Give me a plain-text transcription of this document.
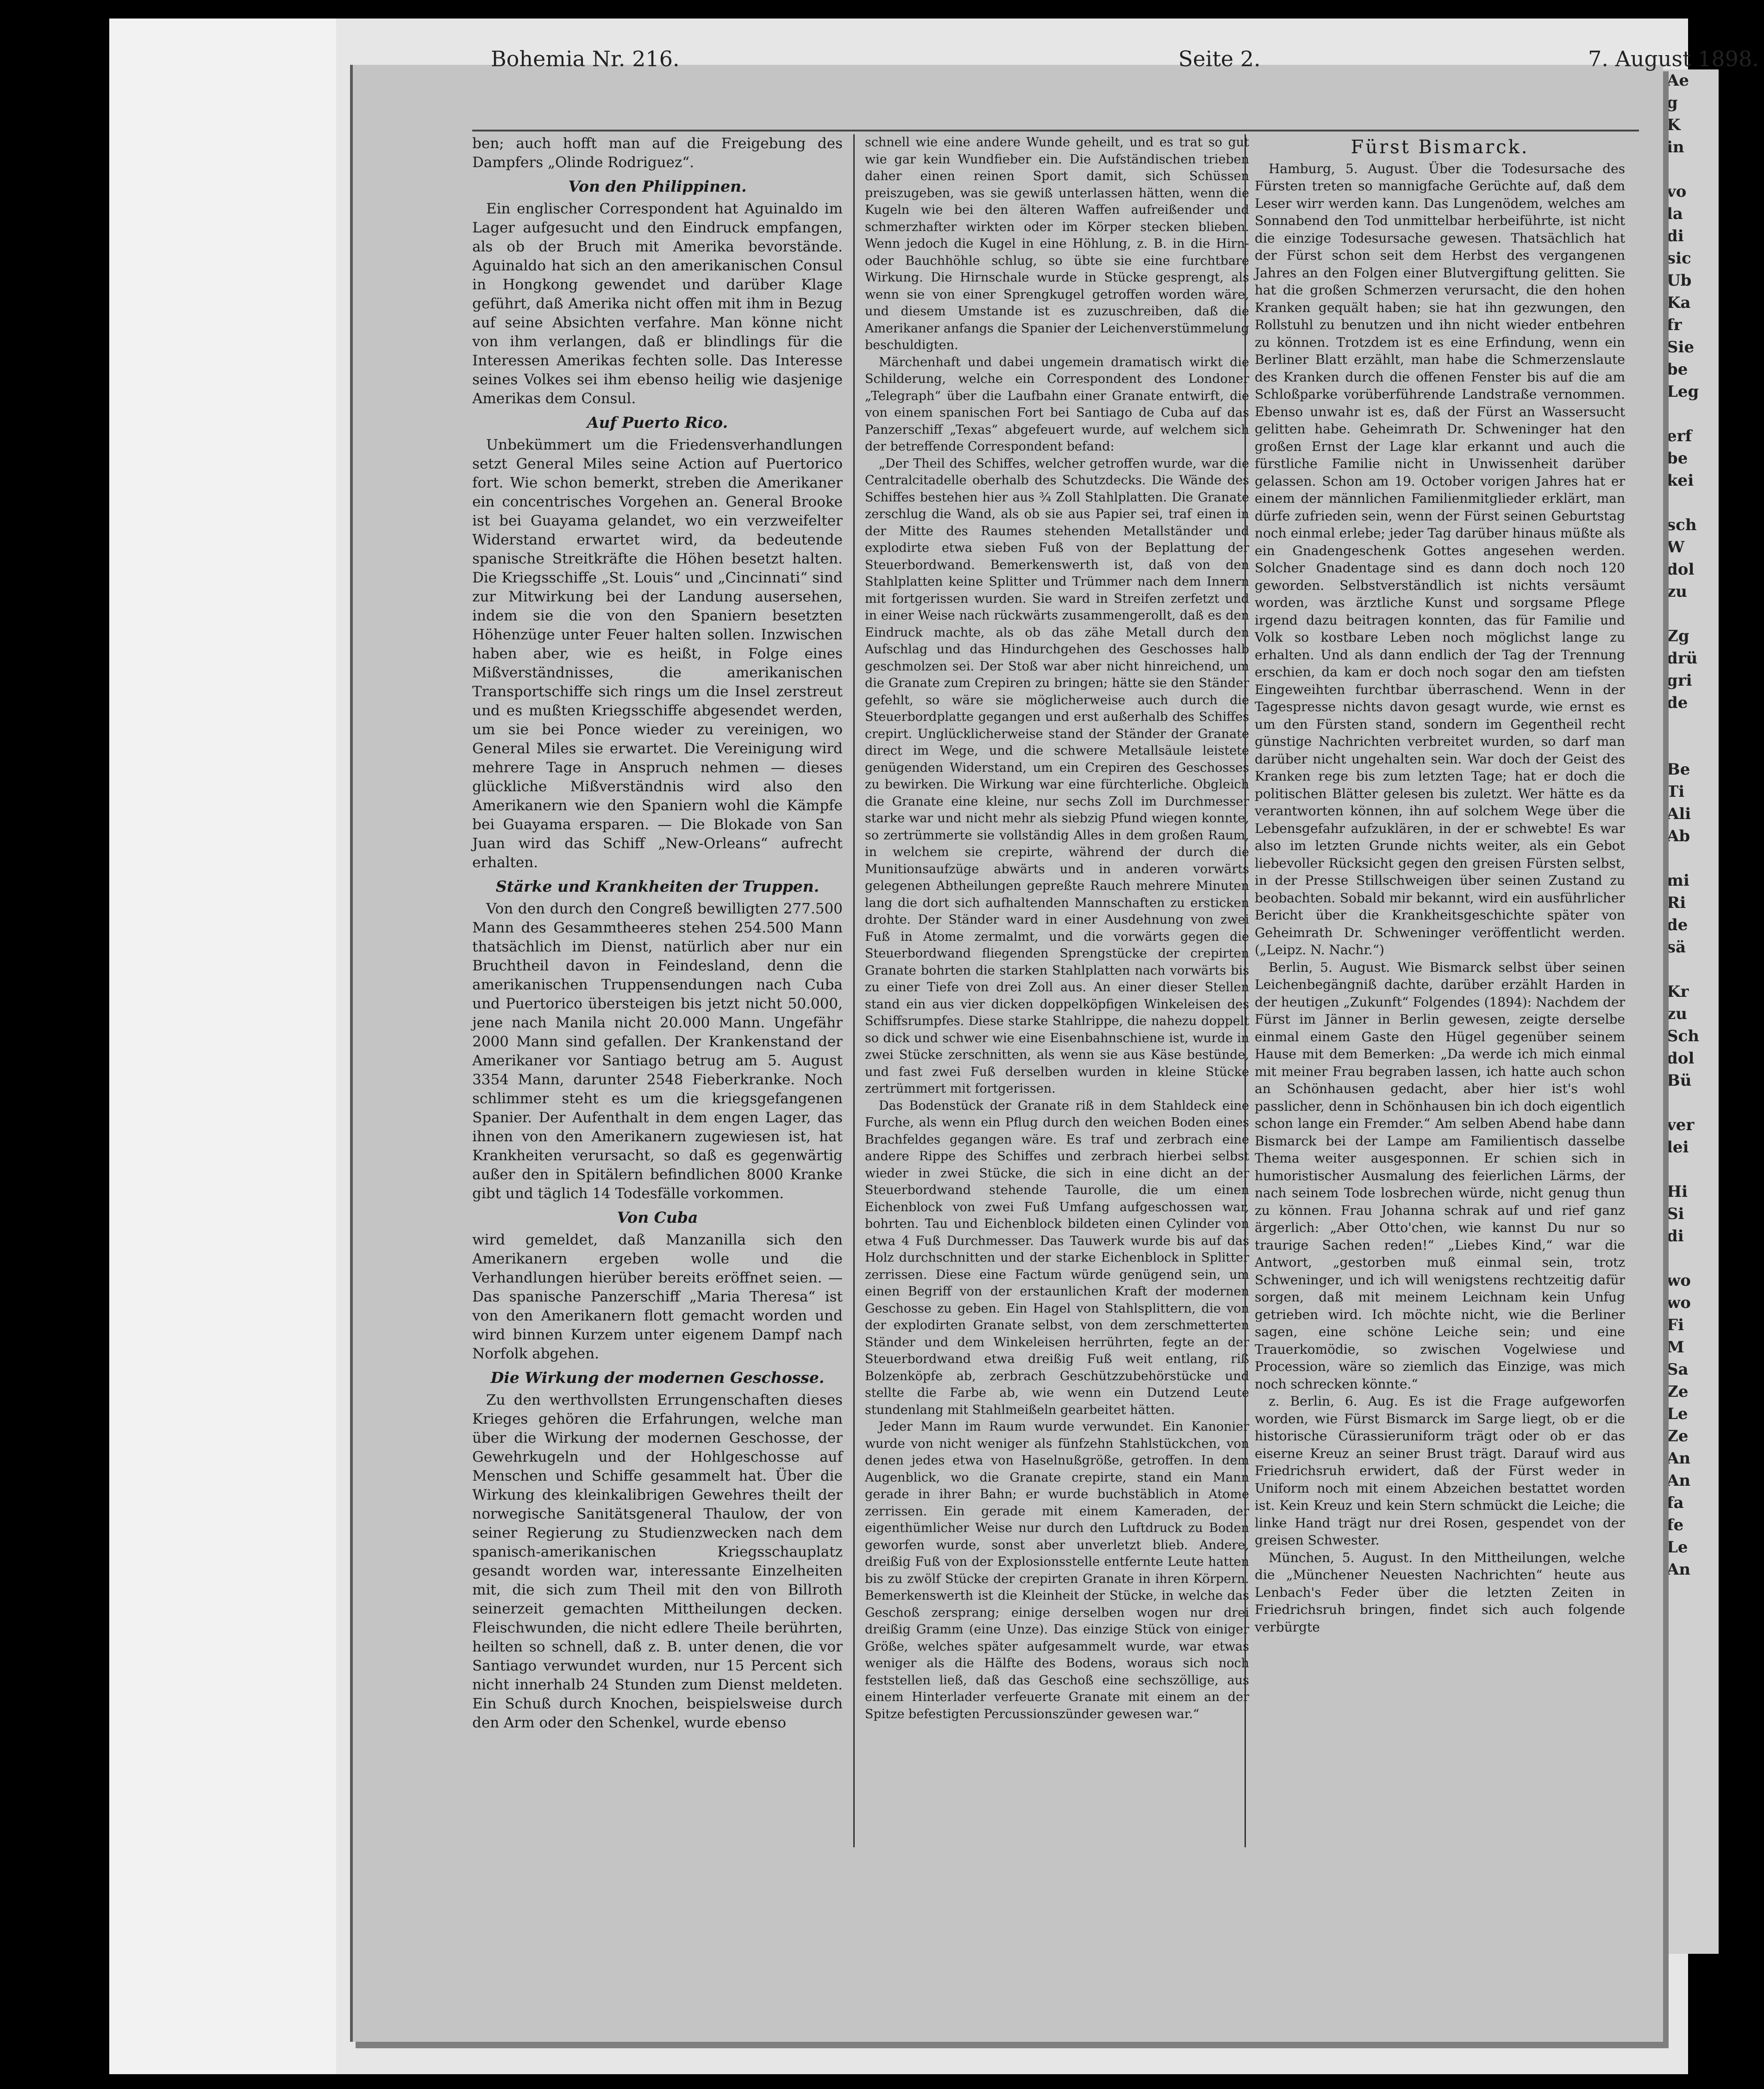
Ae
g
K
in

vo
la
di
sic
Ub
Ka
fr
Sie
be
Leg

erf
be
kei

sch
W
dol
zu

Zg
drü
gri
de

Be
Ti
Ali
Ab

mi
Ri
de
sä

Kr
zu
Sch
dol
Bü

ver
lei

Hi
Si
di

wo
wo
Fi
M
Sa
Ze
Le
Ze
An
An
fa
fe
Le
An
Bohemia Nr. 216.	Seite 2.	7. August 1898.

ben; auch hofft man auf die Freigebung des Dampfers „Olinde Rodriguez“.

Von den Philippinen.

Ein englischer Correspondent hat Aguinaldo im Lager aufgesucht und den Eindruck empfangen, als ob der Bruch mit Amerika bevorstände. Aguinaldo hat sich an den amerikanischen Consul in Hongkong gewendet und darüber Klage geführt, daß Amerika nicht offen mit ihm in Bezug auf seine Absichten verfahre. Man könne nicht von ihm verlangen, daß er blindlings für die Interessen Amerikas fechten solle. Das Interesse seines Volkes sei ihm ebenso heilig wie dasjenige Amerikas dem Consul.

Auf Puerto Rico.

Unbekümmert um die Friedensverhandlungen setzt General Miles seine Action auf Puertorico fort. Wie schon bemerkt, streben die Amerikaner ein concentrisches Vorgehen an. General Brooke ist bei Guayama gelandet, wo ein verzweifelter Widerstand erwartet wird, da bedeutende spanische Streitkräfte die Höhen besetzt halten. Die Kriegsschiffe „St. Louis“ und „Cincinnati“ sind zur Mitwirkung bei der Landung ausersehen, indem sie die von den Spaniern besetzten Höhenzüge unter Feuer halten sollen. Inzwischen haben aber, wie es heißt, in Folge eines Mißverständnisses, die amerikanischen Transportschiffe sich rings um die Insel zerstreut und es mußten Kriegsschiffe abgesendet werden, um sie bei Ponce wieder zu vereinigen, wo General Miles sie erwartet. Die Vereinigung wird mehrere Tage in Anspruch nehmen — dieses glückliche Mißverständnis wird also den Amerikanern wie den Spaniern wohl die Kämpfe bei Guayama ersparen. — Die Blokade von San Juan wird das Schiff „New-Orleans“ aufrecht erhalten.

Stärke und Krankheiten der Truppen.

Von den durch den Congreß bewilligten 277.500 Mann des Gesammtheeres stehen 254.500 Mann thatsächlich im Dienst, natürlich aber nur ein Bruchtheil davon in Feindesland, denn die amerikanischen Truppensendungen nach Cuba und Puertorico übersteigen bis jetzt nicht 50.000, jene nach Manila nicht 20.000 Mann. Ungefähr 2000 Mann sind gefallen. Der Krankenstand der Amerikaner vor Santiago betrug am 5. August 3354 Mann, darunter 2548 Fieberkranke. Noch schlimmer steht es um die kriegsgefangenen Spanier. Der Aufenthalt in dem engen Lager, das ihnen von den Amerikanern zugewiesen ist, hat Krankheiten verursacht, so daß es gegenwärtig außer den in Spitälern befindlichen 8000 Kranke gibt und täglich 14 Todesfälle vorkommen.

Von Cuba

wird gemeldet, daß Manzanilla sich den Amerikanern ergeben wolle und die Verhandlungen hierüber bereits eröffnet seien. — Das spanische Panzerschiff „Maria Theresa“ ist von den Amerikanern flott gemacht worden und wird binnen Kurzem unter eigenem Dampf nach Norfolk abgehen.

Die Wirkung der modernen Geschosse.

Zu den werthvollsten Errungenschaften dieses Krieges gehören die Erfahrungen, welche man über die Wirkung der modernen Geschosse, der Gewehrkugeln und der Hohlgeschosse auf Menschen und Schiffe gesammelt hat. Über die Wirkung des kleinkalibrigen Gewehres theilt der norwegische Sanitätsgeneral Thaulow, der von seiner Regierung zu Studienzwecken nach dem spanisch-amerikanischen Kriegsschauplatz gesandt worden war, interessante Einzelheiten mit, die sich zum Theil mit den von Billroth seinerzeit gemachten Mittheilungen decken. Fleischwunden, die nicht edlere Theile berührten, heilten so schnell, daß z. B. unter denen, die vor Santiago verwundet wurden, nur 15 Percent sich nicht innerhalb 24 Stunden zum Dienst meldeten. Ein Schuß durch Knochen, beispielsweise durch den Arm oder den Schenkel, wurde ebenso

schnell wie eine andere Wunde geheilt, und es trat so gut wie gar kein Wundfieber ein. Die Aufständischen trieben daher einen reinen Sport damit, sich Schüssen preiszugeben, was sie gewiß unterlassen hätten, wenn die Kugeln wie bei den älteren Waffen aufreißender und schmerzhafter wirkten oder im Körper stecken blieben. Wenn jedoch die Kugel in eine Höhlung, z. B. in die Hirn- oder Bauchhöhle schlug, so übte sie eine furchtbare Wirkung. Die Hirnschale wurde in Stücke gesprengt, als wenn sie von einer Sprengkugel getroffen worden wäre, und diesem Umstande ist es zuzuschreiben, daß die Amerikaner anfangs die Spanier der Leichenverstümmelung beschuldigten.

Märchenhaft und dabei ungemein dramatisch wirkt die Schilderung, welche ein Correspondent des Londoner „Telegraph“ über die Laufbahn einer Granate entwirft, die von einem spanischen Fort bei Santiago de Cuba auf das Panzerschiff „Texas“ abgefeuert wurde, auf welchem sich der betreffende Correspondent befand:

„Der Theil des Schiffes, welcher getroffen wurde, war die Centralcitadelle oberhalb des Schutzdecks. Die Wände des Schiffes bestehen hier aus ¾ Zoll Stahlplatten. Die Granate zerschlug die Wand, als ob sie aus Papier sei, traf einen in der Mitte des Raumes stehenden Metallständer und explodirte etwa sieben Fuß von der Beplattung der Steuerbordwand. Bemerkenswerth ist, daß von den Stahlplatten keine Splitter und Trümmer nach dem Innern mit fortgerissen wurden. Sie ward in Streifen zerfetzt und in einer Weise nach rückwärts zusammengerollt, daß es den Eindruck machte, als ob das zähe Metall durch den Aufschlag und das Hindurchgehen des Geschosses halb geschmolzen sei. Der Stoß war aber nicht hinreichend, um die Granate zum Crepiren zu bringen; hätte sie den Ständer gefehlt, so wäre sie möglicherweise auch durch die Steuerbordplatte gegangen und erst außerhalb des Schiffes crepirt. Unglücklicherweise stand der Ständer der Granate direct im Wege, und die schwere Metallsäule leistete genügenden Widerstand, um ein Crepiren des Geschosses zu bewirken. Die Wirkung war eine fürchterliche. Obgleich die Granate eine kleine, nur sechs Zoll im Durchmesser starke war und nicht mehr als siebzig Pfund wiegen konnte, so zertrümmerte sie vollständig Alles in dem großen Raum, in welchem sie crepirte, während der durch die Munitionsaufzüge abwärts und in anderen vorwärts gelegenen Abtheilungen gepreßte Rauch mehrere Minuten lang die dort sich aufhaltenden Mannschaften zu ersticken drohte. Der Ständer ward in einer Ausdehnung von zwei Fuß in Atome zermalmt, und die vorwärts gegen die Steuerbordwand fliegenden Sprengstücke der crepirten Granate bohrten die starken Stahlplatten nach vorwärts bis zu einer Tiefe von drei Zoll aus. An einer dieser Stellen stand ein aus vier dicken doppelköpfigen Winkeleisen des Schiffsrumpfes. Diese starke Stahlrippe, die nahezu doppelt so dick und schwer wie eine Eisenbahnschiene ist, wurde in zwei Stücke zerschnitten, als wenn sie aus Käse bestünde, und fast zwei Fuß derselben wurden in kleine Stücke zertrümmert mit fortgerissen.

Das Bodenstück der Granate riß in dem Stahldeck eine Furche, als wenn ein Pflug durch den weichen Boden eines Brachfeldes gegangen wäre. Es traf und zerbrach eine andere Rippe des Schiffes und zerbrach hierbei selbst wieder in zwei Stücke, die sich in eine dicht an der Steuerbordwand stehende Taurolle, die um einen Eichenblock von zwei Fuß Umfang aufgeschossen war, bohrten. Tau und Eichenblock bildeten einen Cylinder von etwa 4 Fuß Durchmesser. Das Tauwerk wurde bis auf das Holz durchschnitten und der starke Eichenblock in Splitter zerrissen. Diese eine Factum würde genügend sein, um einen Begriff von der erstaunlichen Kraft der modernen Geschosse zu geben. Ein Hagel von Stahlsplittern, die von der explodirten Granate selbst, von dem zerschmetterten Ständer und dem Winkeleisen herrührten, fegte an der Steuerbordwand etwa dreißig Fuß weit entlang, riß Bolzenköpfe ab, zerbrach Geschützzubehörstücke und stellte die Farbe ab, wie wenn ein Dutzend Leute stundenlang mit Stahlmeißeln gearbeitet hätten.

Jeder Mann im Raum wurde verwundet. Ein Kanonier wurde von nicht weniger als fünfzehn Stahlstückchen, von denen jedes etwa von Haselnußgröße, getroffen. In dem Augenblick, wo die Granate crepirte, stand ein Mann gerade in ihrer Bahn; er wurde buchstäblich in Atome zerrissen. Ein gerade mit einem Kameraden, der eigenthümlicher Weise nur durch den Luftdruck zu Boden geworfen wurde, sonst aber unverletzt blieb. Andere, dreißig Fuß von der Explosionsstelle entfernte Leute hatten bis zu zwölf Stücke der crepirten Granate in ihren Körpern. Bemerkenswerth ist die Kleinheit der Stücke, in welche das Geschoß zersprang; einige derselben wogen nur drei dreißig Gramm (eine Unze). Das einzige Stück von einiger Größe, welches später aufgesammelt wurde, war etwas weniger als die Hälfte des Bodens, woraus sich noch feststellen ließ, daß das Geschoß eine sechszöllige, aus einem Hinterlader verfeuerte Granate mit einem an der Spitze befestigten Percussionszünder gewesen war.“

Fürst Bismarck.

Hamburg, 5. August. Über die Todesursache des Fürsten treten so mannigfache Gerüchte auf, daß dem Leser wirr werden kann. Das Lungenödem, welches am Sonnabend den Tod unmittelbar herbeiführte, ist nicht die einzige Todesursache gewesen. Thatsächlich hat der Fürst schon seit dem Herbst des vergangenen Jahres an den Folgen einer Blutvergiftung gelitten. Sie hat die großen Schmerzen verursacht, die den hohen Kranken gequält haben; sie hat ihn gezwungen, den Rollstuhl zu benutzen und ihn nicht wieder entbehren zu können. Trotzdem ist es eine Erfindung, wenn ein Berliner Blatt erzählt, man habe die Schmerzenslaute des Kranken durch die offenen Fenster bis auf die am Schloßparke vorüberführende Landstraße vernommen. Ebenso unwahr ist es, daß der Fürst an Wassersucht gelitten habe. Geheimrath Dr. Schweninger hat den großen Ernst der Lage klar erkannt und auch die fürstliche Familie nicht in Unwissenheit darüber gelassen. Schon am 19. October vorigen Jahres hat er einem der männlichen Familienmitglieder erklärt, man dürfe zufrieden sein, wenn der Fürst seinen Geburtstag noch einmal erlebe; jeder Tag darüber hinaus müßte als ein Gnadengeschenk Gottes angesehen werden. Solcher Gnadentage sind es dann doch noch 120 geworden. Selbstverständlich ist nichts versäumt worden, was ärztliche Kunst und sorgsame Pflege irgend dazu beitragen konnten, das für Familie und Volk so kostbare Leben noch möglichst lange zu erhalten. Und als dann endlich der Tag der Trennung erschien, da kam er doch noch sogar den am tiefsten Eingeweihten furchtbar überraschend. Wenn in der Tagespresse nichts davon gesagt wurde, wie ernst es um den Fürsten stand, sondern im Gegentheil recht günstige Nachrichten verbreitet wurden, so darf man darüber nicht ungehalten sein. War doch der Geist des Kranken rege bis zum letzten Tage; hat er doch die politischen Blätter gelesen bis zuletzt. Wer hätte es da verantworten können, ihn auf solchem Wege über die Lebensgefahr aufzuklären, in der er schwebte! Es war also im letzten Grunde nichts weiter, als ein Gebot liebevoller Rücksicht gegen den greisen Fürsten selbst, in der Presse Stillschweigen über seinen Zustand zu beobachten. Sobald mir bekannt, wird ein ausführlicher Bericht über die Krankheitsgeschichte später von Geheimrath Dr. Schweninger veröffentlicht werden. („Leipz. N. Nachr.“)

Berlin, 5. August. Wie Bismarck selbst über seinen Leichenbegängniß dachte, darüber erzählt Harden in der heutigen „Zukunft“ Folgendes (1894): Nachdem der Fürst im Jänner in Berlin gewesen, zeigte derselbe einmal einem Gaste den Hügel gegenüber seinem Hause mit dem Bemerken: „Da werde ich mich einmal mit meiner Frau begraben lassen, ich hatte auch schon an Schönhausen gedacht, aber hier ist's wohl passlicher, denn in Schönhausen bin ich doch eigentlich schon lange ein Fremder.“ Am selben Abend habe dann Bismarck bei der Lampe am Familientisch dasselbe Thema weiter ausgesponnen. Er schien sich in humoristischer Ausmalung des feierlichen Lärms, der nach seinem Tode losbrechen würde, nicht genug thun zu können. Frau Johanna schrak auf und rief ganz ärgerlich: „Aber Otto'chen, wie kannst Du nur so traurige Sachen reden!“ „Liebes Kind,“ war die Antwort, „gestorben muß einmal sein, trotz Schweninger, und ich will wenigstens rechtzeitig dafür sorgen, daß mit meinem Leichnam kein Unfug getrieben wird. Ich möchte nicht, wie die Berliner sagen, eine schöne Leiche sein; und eine Trauerkomödie, so zwischen Vogelwiese und Procession, wäre so ziemlich das Einzige, was mich noch schrecken könnte.“

z. Berlin, 6. Aug. Es ist die Frage aufgeworfen worden, wie Fürst Bismarck im Sarge liegt, ob er die historische Cürassieruniform trägt oder ob er das eiserne Kreuz an seiner Brust trägt. Darauf wird aus Friedrichsruh erwidert, daß der Fürst weder in Uniform noch mit einem Abzeichen bestattet worden ist. Kein Kreuz und kein Stern schmückt die Leiche; die linke Hand trägt nur drei Rosen, gespendet von der greisen Schwester.

München, 5. August. In den Mittheilungen, welche die „Münchener Neuesten Nachrichten“ heute aus Lenbach's Feder über die letzten Zeiten in Friedrichsruh bringen, findet sich auch folgende verbürgte
